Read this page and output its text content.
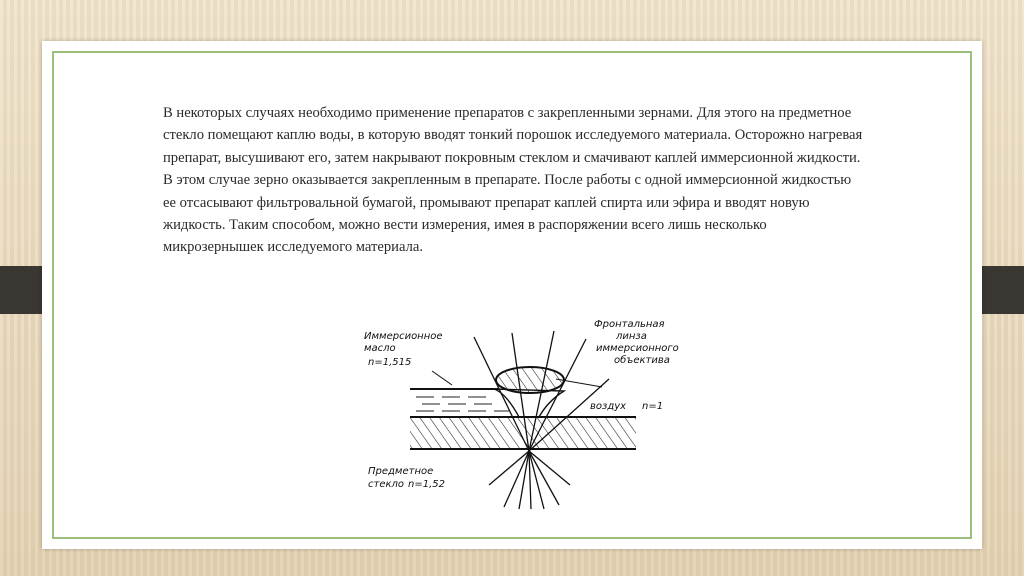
В некоторых случаях необходимо применение препаратов с закрепленными зернами. Для этого на предметное стекло помещают каплю воды, в которую вводят тонкий порошок исследуемого материала. Осторожно нагревая препарат, высушивают его, затем накрывают покровным стеклом и смачивают каплей иммерсионной жидкости. В этом случае зерно оказывается закрепленным в препарате. После работы с одной иммерсионной жидкостью ее отсасывают фильтровальной бумагой, промывают препарат каплей спирта или эфира и вводят новую жидкость. Таким способом, можно вести измерения, имея в распоряжении всего лишь несколько микрозернышек исследуемого материала.

Иммерсионное
масло
n=1,515
Фронтальная
линза
иммерсионного
объектива
воздух n=1
Предметное
стекло n=1,52
